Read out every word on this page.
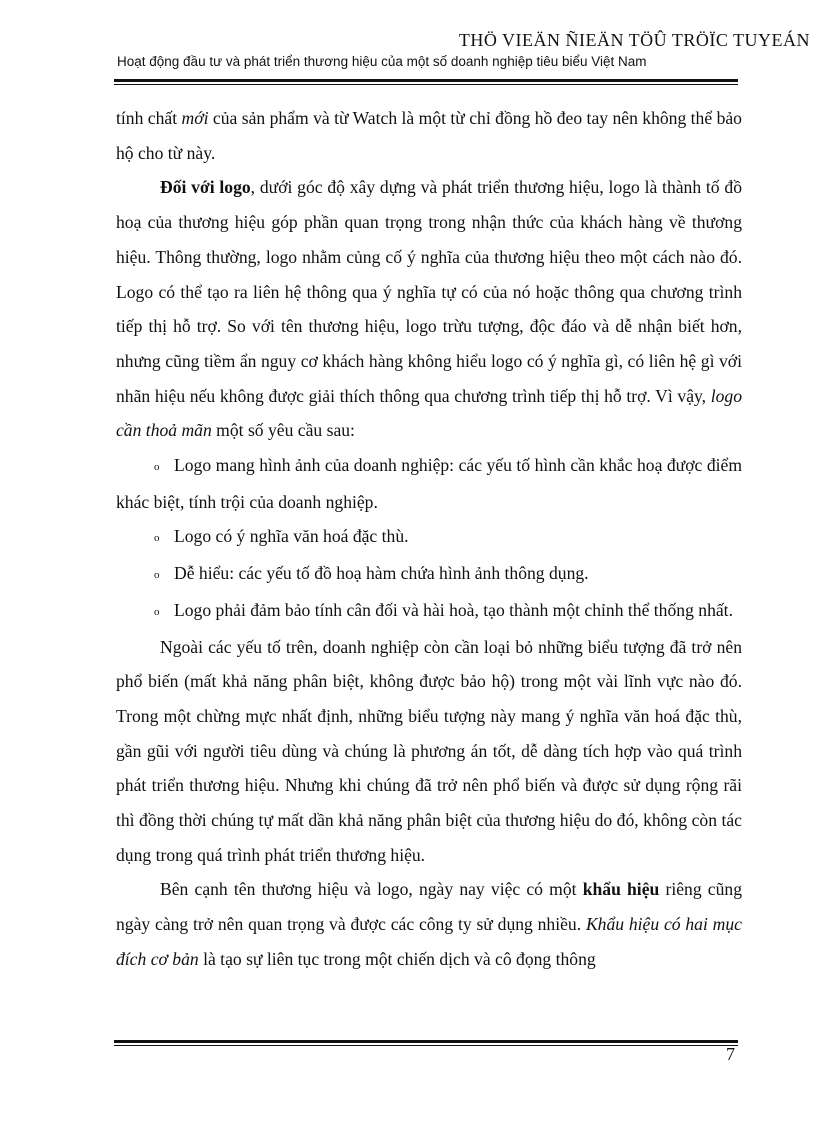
THÖ VIEÄN ÑIEÄN TÖÛ TRÖÏC TUYEÁN
Hoạt động đầu tư và phát triển thương hiệu của một số doanh nghiệp tiêu biểu Việt Nam

tính chất mới của sản phẩm và từ Watch là một từ chỉ đồng hồ đeo tay nên không thể bảo hộ cho từ này.

Đối với logo, dưới góc độ xây dựng và phát triển thương hiệu, logo là thành tố đồ hoạ của thương hiệu góp phần quan trọng trong nhận thức của khách hàng về thương hiệu. Thông thường, logo nhằm củng cố ý nghĩa của thương hiệu theo một cách nào đó. Logo có thể tạo ra liên hệ thông qua ý nghĩa tự có của nó hoặc thông qua chương trình tiếp thị hỗ trợ. So với tên thương hiệu, logo trừu tượng, độc đáo và dễ nhận biết hơn, nhưng cũng tiềm ẩn nguy cơ khách hàng không hiểu logo có ý nghĩa gì, có liên hệ gì với nhãn hiệu nếu không được giải thích thông qua chương trình tiếp thị hỗ trợ. Vì vậy, logo cần thoả mãn một số yêu cầu sau:

o Logo mang hình ảnh của doanh nghiệp: các yếu tố hình cần khắc hoạ được điểm khác biệt, tính trội của doanh nghiệp.

o Logo có ý nghĩa văn hoá đặc thù.

o Dễ hiểu: các yếu tố đồ hoạ hàm chứa hình ảnh thông dụng.

o Logo phải đảm bảo tính cân đối và hài hoà, tạo thành một chỉnh thể thống nhất.

Ngoài các yếu tố trên, doanh nghiệp còn cần loại bỏ những biểu tượng đã trở nên phổ biến (mất khả năng phân biệt, không được bảo hộ) trong một vài lĩnh vực nào đó. Trong một chừng mực nhất định, những biểu tượng này mang ý nghĩa văn hoá đặc thù, gần gũi với người tiêu dùng và chúng là phương án tốt, dễ dàng tích hợp vào quá trình phát triển thương hiệu. Nhưng khi chúng đã trở nên phổ biến và được sử dụng rộng rãi thì đồng thời chúng tự mất dần khả năng phân biệt của thương hiệu do đó, không còn tác dụng trong quá trình phát triển thương hiệu.

Bên cạnh tên thương hiệu và logo, ngày nay việc có một khẩu hiệu riêng cũng ngày càng trở nên quan trọng và được các công ty sử dụng nhiều. Khẩu hiệu có hai mục đích cơ bản là tạo sự liên tục trong một chiến dịch và cô đọng thông

7
